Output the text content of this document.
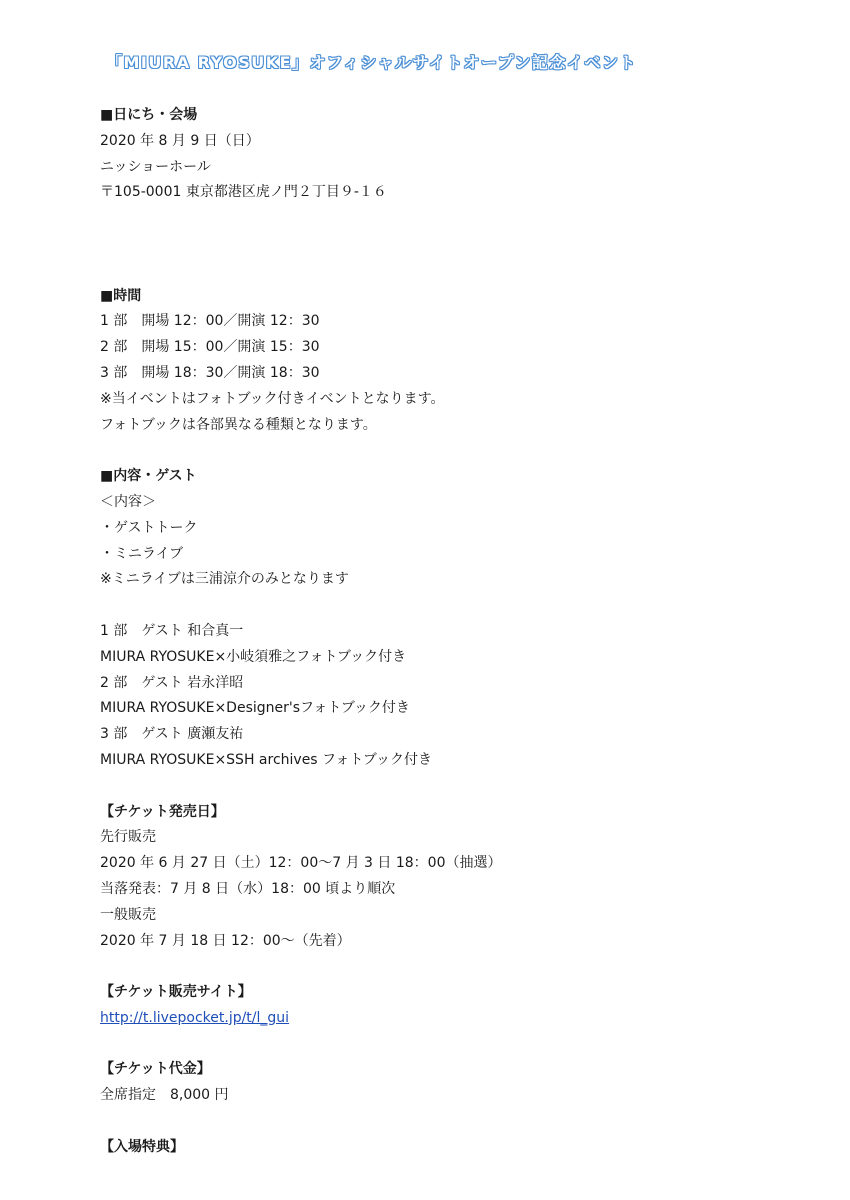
「MIURA RYOSUKE」オフィシャルサイトオープン記念イベント
■日にち・会場
2020 年 8 月 9 日（日）
ニッショーホール
〒105-0001 東京都港区虎ノ門２丁目９-１６
■時間
1 部　開場 12：00／開演 12：30
2 部　開場 15：00／開演 15：30
3 部　開場 18：30／開演 18：30
※当イベントはフォトブック付きイベントとなります。
フォトブックは各部異なる種類となります。
■内容・ゲスト
＜内容＞
・ゲストトーク
・ミニライブ
※ミニライブは三浦涼介のみとなります
1 部　ゲスト 和合真一
MIURA RYOSUKE×小岐須雅之フォトブック付き
2 部　ゲスト 岩永洋昭
MIURA RYOSUKE×Designer'sフォトブック付き
3 部　ゲスト 廣瀬友祐
MIURA RYOSUKE×SSH archives フォトブック付き
【チケット発売日】
先行販売
2020 年 6 月 27 日（土）12：00～7 月 3 日 18：00（抽選）
当落発表：7 月 8 日（水）18：00 頃より順次
一般販売
2020 年 7 月 18 日 12：00～（先着）
【チケット販売サイト】
http://t.livepocket.jp/t/l_gui
【チケット代金】
全席指定　8,000 円
【入場特典】
